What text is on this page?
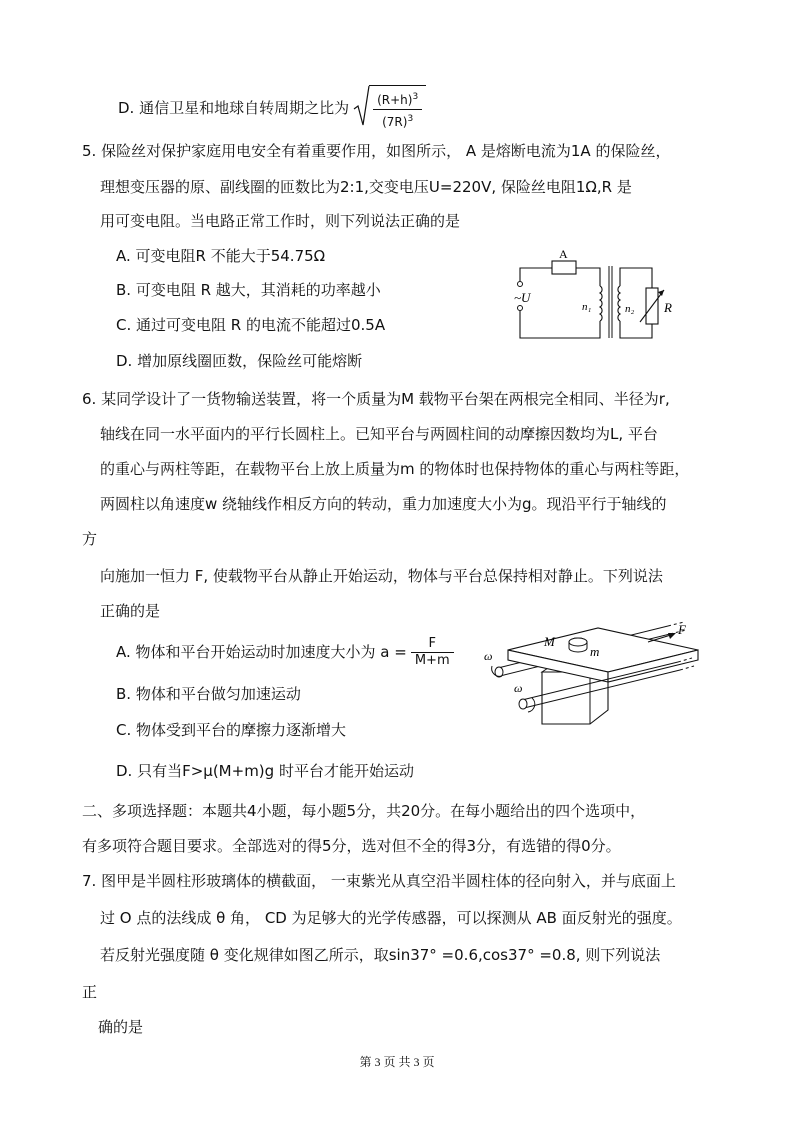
D. 通信卫星和地球自转周期之比为 $\frac{(R+h)^3}{(7R)^3}$
5. 保险丝对保护家庭用电安全有着重要作用，如图所示， A 是熔断电流为1A 的保险丝，
理想变压器的原、副线圈的匝数比为2:1,交变电压U=220V, 保险丝电阻1Ω,R 是
用可变电阻。当电路正常工作时，则下列说法正确的是
A. 可变电阻R 不能大于54.75Ω
B. 可变电阻 R 越大，其消耗的功率越小
C. 通过可变电阻 R 的电流不能超过0.5A
D. 增加原线圈匝数，保险丝可能熔断
A
~U
n₁	n₂ R
6. 某同学设计了一货物输送装置，将一个质量为M 载物平台架在两根完全相同、半径为r,
轴线在同一水平面内的平行长圆柱上。已知平台与两圆柱间的动摩擦因数均为L, 平台
的重心与两柱等距，在载物平台上放上质量为m 的物体时也保持物体的重心与两柱等距，
两圆柱以角速度w 绕轴线作相反方向的转动，重力加速度大小为g。现沿平行于轴线的
方
向施加一恒力 F, 使载物平台从静止开始运动，物体与平台总保持相对静止。下列说法
正确的是
A. 物体和平台开始运动时加速度大小为 $a = \frac{F}{M+m}$
B. 物体和平台做匀加速运动
C. 物体受到平台的摩擦力逐渐增大
D. 只有当F>μ(M+m)g 时平台才能开始运动
M
m
F
ω
ω
二、多项选择题：本题共4小题，每小题5分，共20分。在每小题给出的四个选项中，
有多项符合题目要求。全部选对的得5分，选对但不全的得3分，有选错的得0分。
7. 图甲是半圆柱形玻璃体的横截面， 一束紫光从真空沿半圆柱体的径向射入，并与底面上
过 O 点的法线成 θ 角， CD 为足够大的光学传感器，可以探测从 AB 面反射光的强度。
若反射光强度随 θ 变化规律如图乙所示，取sin37° =0.6,cos37° =0.8, 则下列说法
正
确的是
第 3 页 共 3 页
